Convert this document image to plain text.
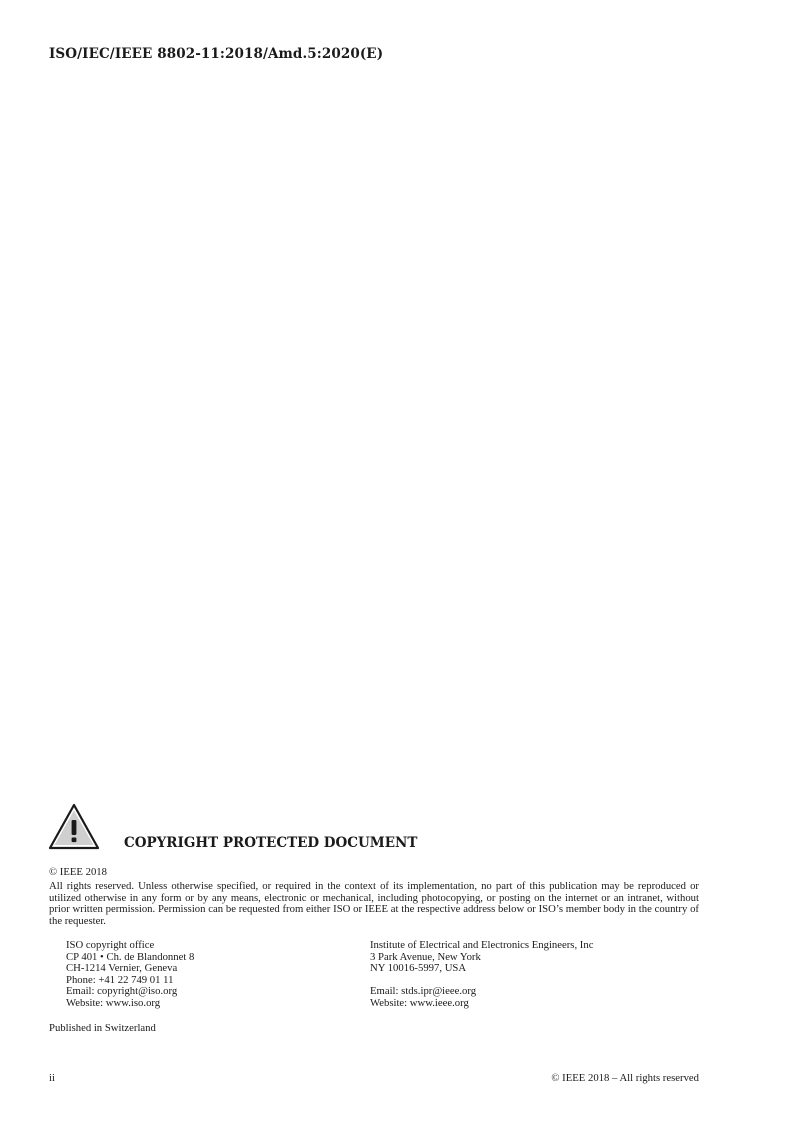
ISO/IEC/IEEE 8802-11:2018/Amd.5:2020(E)
COPYRIGHT PROTECTED DOCUMENT
© IEEE 2018
All rights reserved. Unless otherwise specified, or required in the context of its implementation, no part of this publication may be reproduced or utilized otherwise in any form or by any means, electronic or mechanical, including photocopying, or posting on the internet or an intranet, without prior written permission. Permission can be requested from either ISO or IEEE at the respective address below or ISO’s member body in the country of the requester.
ISO copyright office
CP 401 • Ch. de Blandonnet 8
CH-1214 Vernier, Geneva
Phone: +41 22 749 01 11
Email: copyright@iso.org
Website: www.iso.org
Institute of Electrical and Electronics Engineers, Inc
3 Park Avenue, New York
NY 10016-5997, USA
Email: stds.ipr@ieee.org
Website: www.ieee.org
Published in Switzerland
ii	© IEEE 2018 – All rights reserved
